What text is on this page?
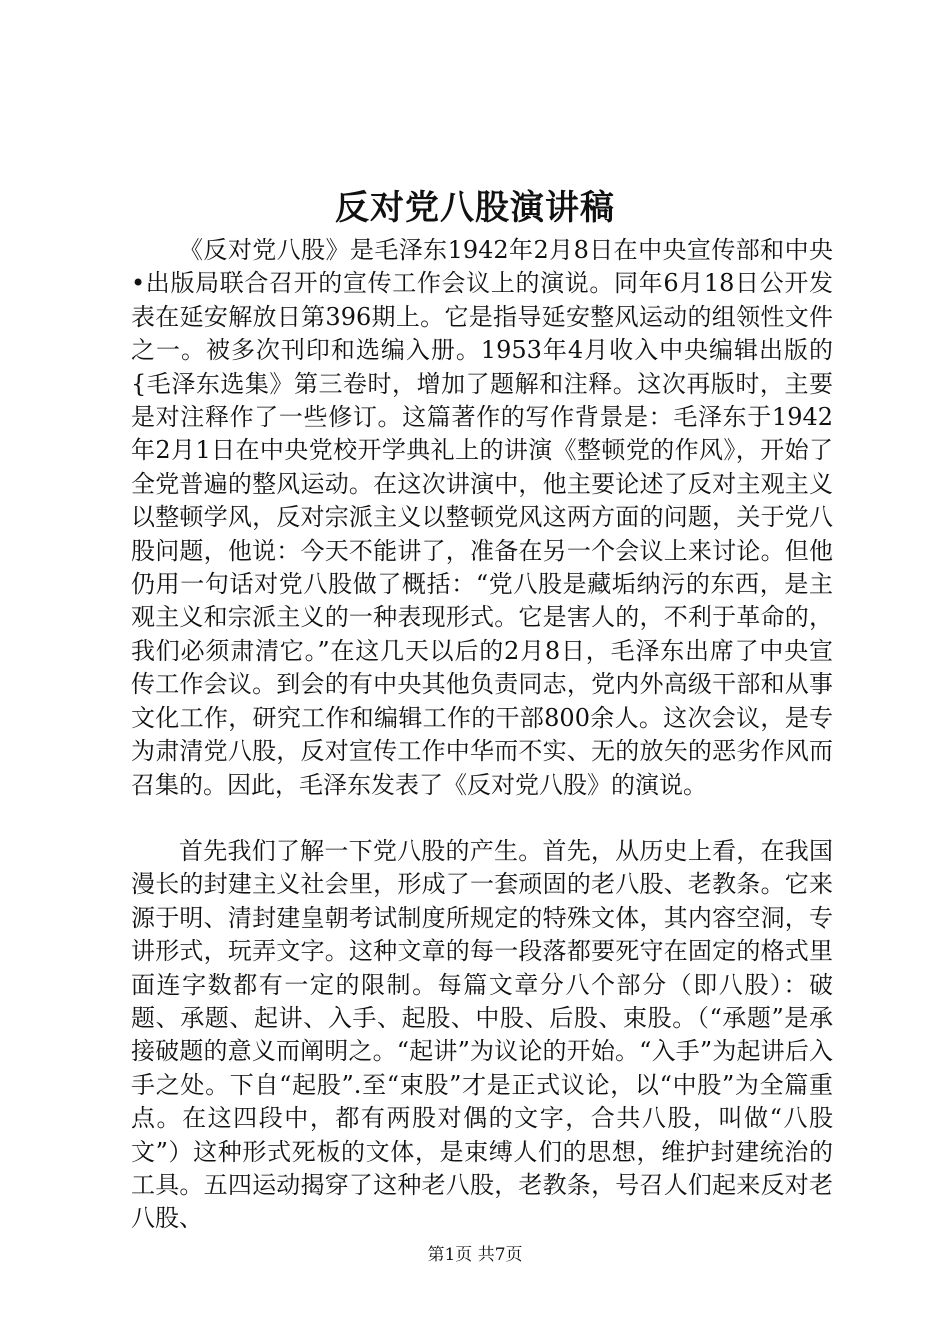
反对党八股演讲稿

《反对党八股》是毛泽东1942年2月8日在中央宣传部和中央•出版局联合召开的宣传工作会议上的演说。同年6月18日公开发表在延安解放日第396期上。它是指导延安整风运动的组领性文件之一。被多次刊印和选编入册。1953年4月收入中央编辑出版的{毛泽东选集》第三卷时，增加了题解和注释。这次再版时，主要是对注释作了一些修订。这篇著作的写作背景是：毛泽东于1942年2月1日在中央党校开学典礼上的讲演《整顿党的作风》，开始了全党普遍的整风运动。在这次讲演中，他主要论述了反对主观主义以整顿学风，反对宗派主义以整顿党风这两方面的问题，关于党八股问题，他说：今天不能讲了，准备在另一个会议上来讨论。但他仍用一句话对党八股做了概括：“党八股是藏垢纳污的东西，是主观主义和宗派主义的一种表现形式。它是害人的，不利于革命的，我们必须肃清它。”在这几天以后的2月8日，毛泽东出席了中央宣传工作会议。到会的有中央其他负责同志，党内外高级干部和从事文化工作，研究工作和编辑工作的干部800余人。这次会议，是专为肃清党八股，反对宣传工作中华而不实、无的放矢的恶劣作风而召集的。因此，毛泽东发表了《反对党八股》的演说。

首先我们了解一下党八股的产生。首先，从历史上看，在我国漫长的封建主义社会里，形成了一套顽固的老八股、老教条。它来源于明、清封建皇朝考试制度所规定的特殊文体，其内容空洞，专讲形式，玩弄文字。这种文章的每一段落都要死守在固定的格式里面连字数都有一定的限制。每篇文章分八个部分（即八股）：破题、承题、起讲、入手、起股、中股、后股、束股。（“承题”是承接破题的意义而阐明之。“起讲”为议论的开始。“入手”为起讲后入手之处。下自“起股”.至“束股”才是正式议论，以“中股”为全篇重点。在这四段中，都有两股对偶的文字，合共八股，叫做“八股文”）这种形式死板的文体，是束缚人们的思想，维护封建统治的工具。五四运动揭穿了这种老八股，老教条，号召人们起来反对老八股、

第1页 共7页
